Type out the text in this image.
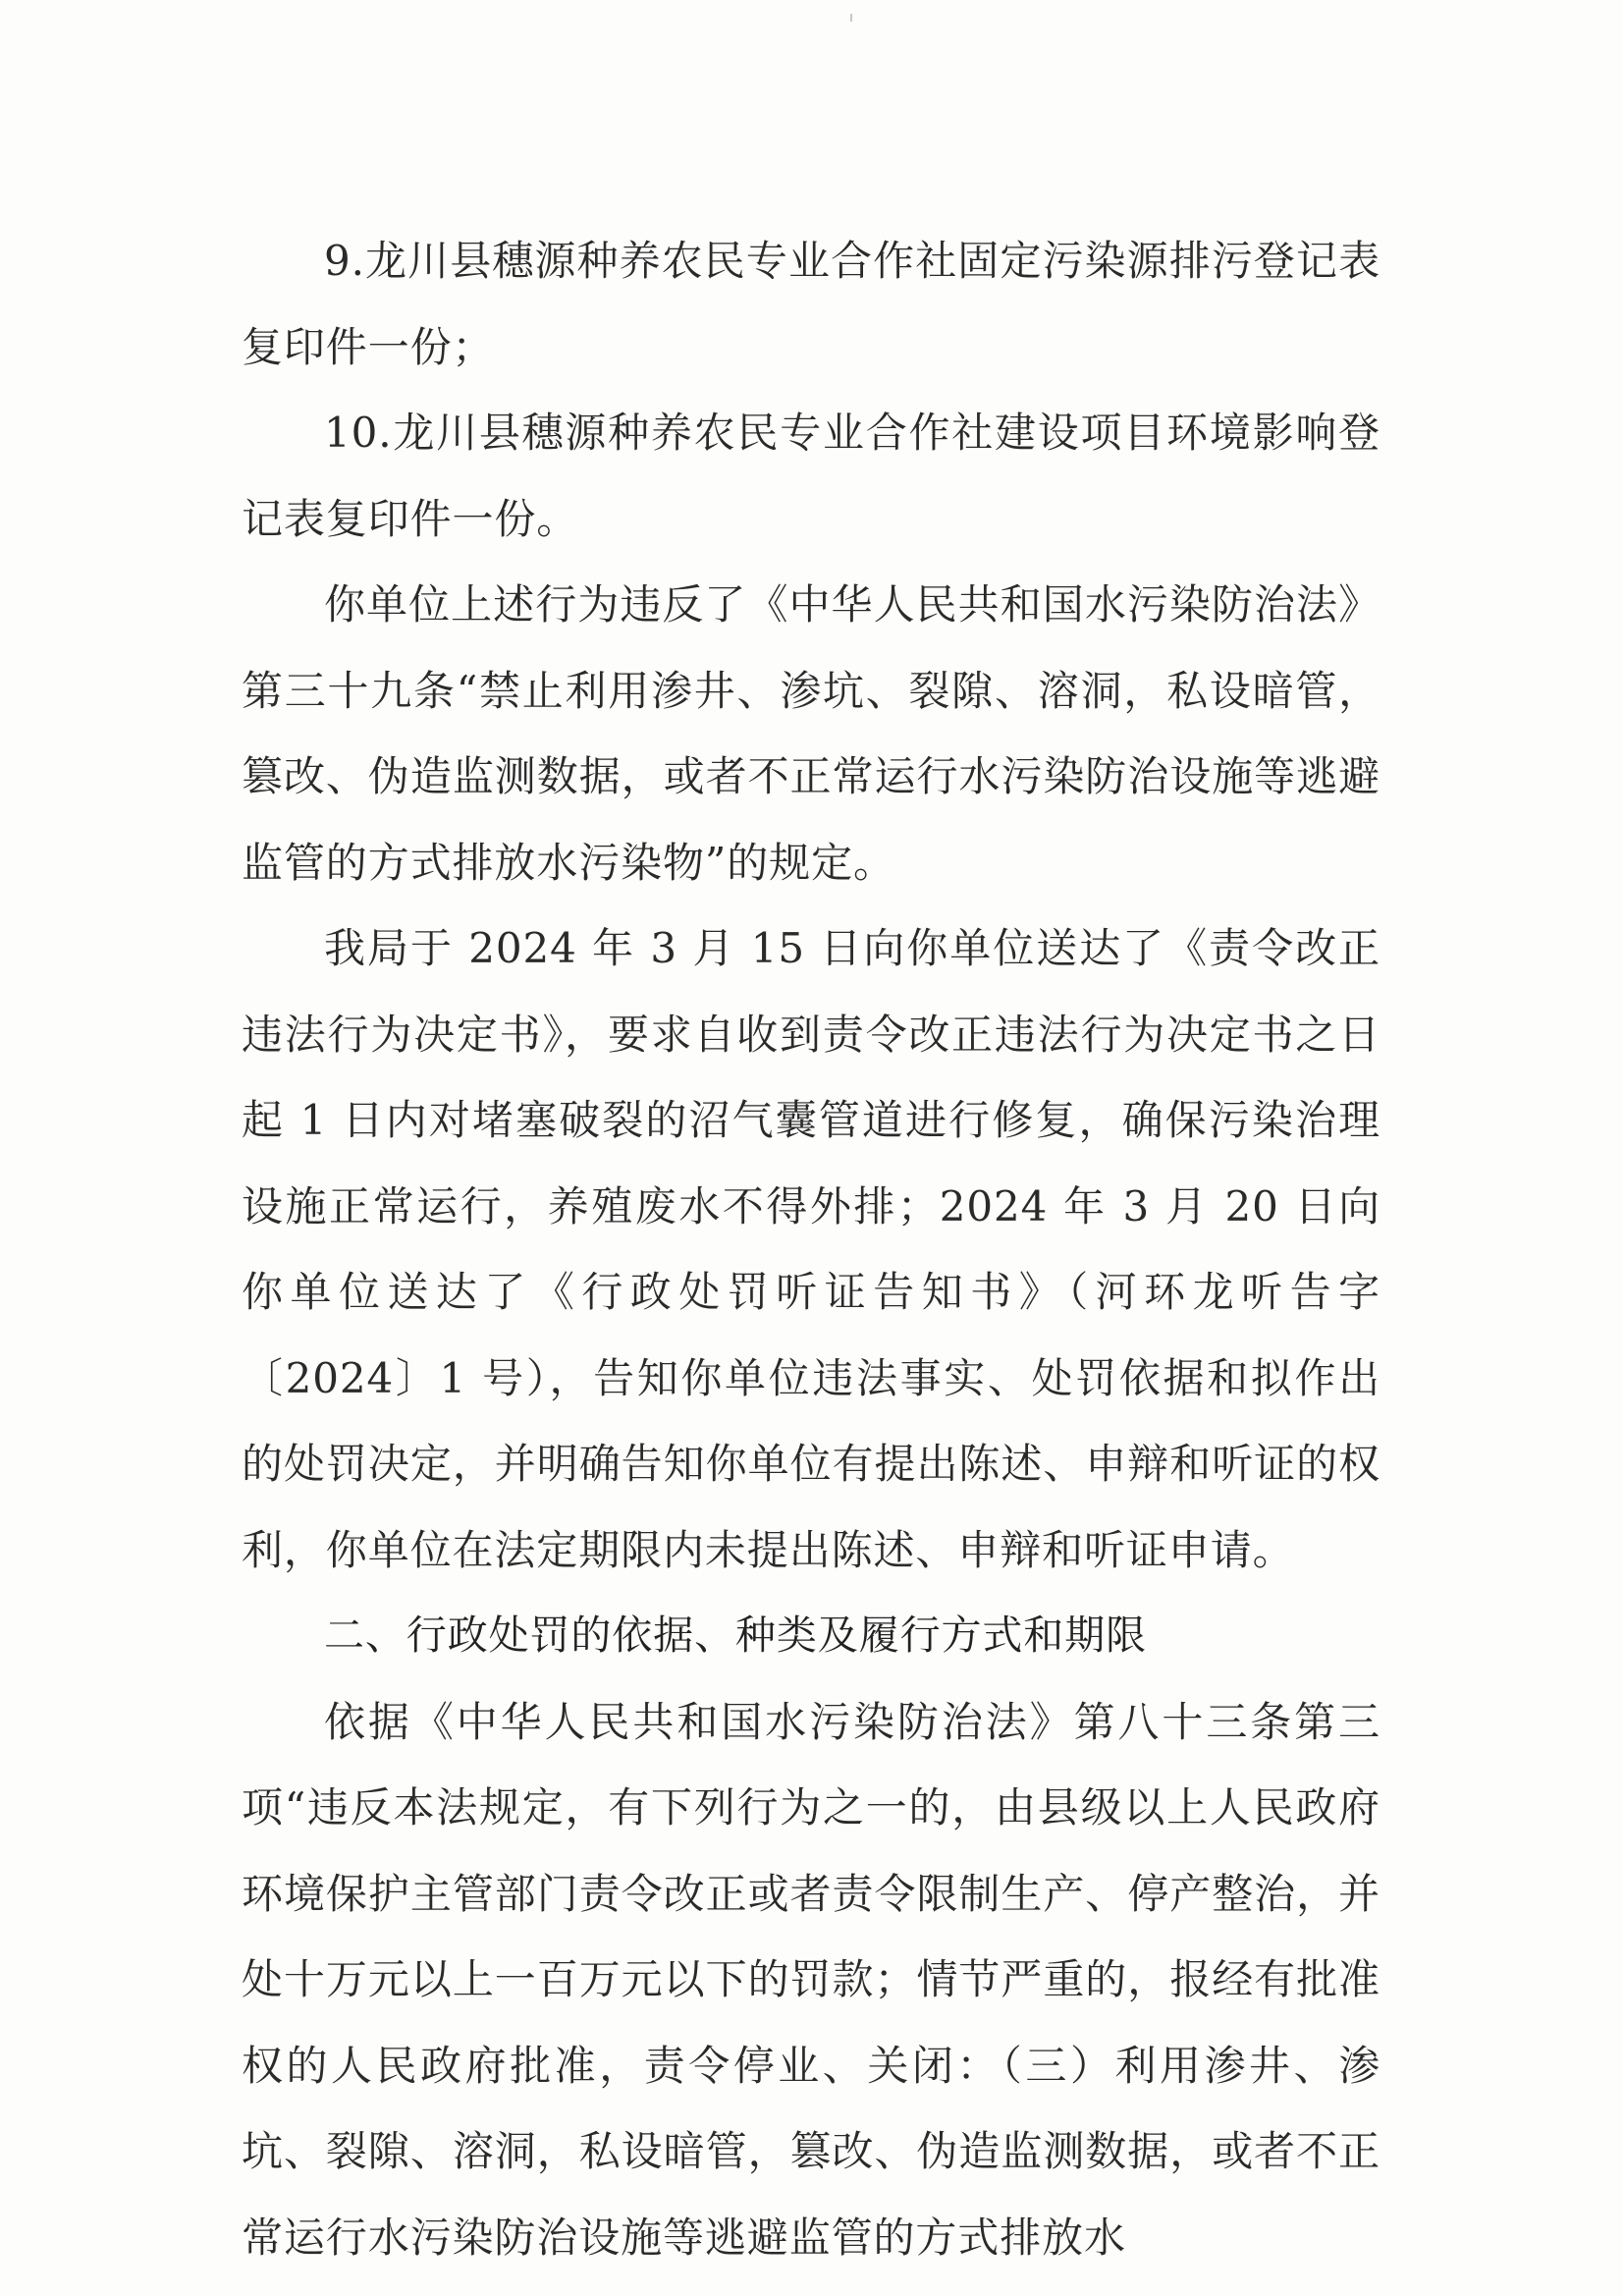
9.龙川县穗源种养农民专业合作社固定污染源排污登记表复印件一份；

10.龙川县穗源种养农民专业合作社建设项目环境影响登记表复印件一份。

你单位上述行为违反了《中华人民共和国水污染防治法》第三十九条“禁止利用渗井、渗坑、裂隙、溶洞，私设暗管，篡改、伪造监测数据，或者不正常运行水污染防治设施等逃避监管的方式排放水污染物”的规定。

我局于 2024 年 3 月 15 日向你单位送达了《责令改正违法行为决定书》，要求自收到责令改正违法行为决定书之日起 1 日内对堵塞破裂的沼气囊管道进行修复，确保污染治理设施正常运行，养殖废水不得外排；2024 年 3 月 20 日向你单位送达了《行政处罚听证告知书》（河环龙听告字〔2024〕1 号），告知你单位违法事实、处罚依据和拟作出的处罚决定，并明确告知你单位有提出陈述、申辩和听证的权利，你单位在法定期限内未提出陈述、申辩和听证申请。

二、行政处罚的依据、种类及履行方式和期限

依据《中华人民共和国水污染防治法》第八十三条第三项“违反本法规定，有下列行为之一的，由县级以上人民政府环境保护主管部门责令改正或者责令限制生产、停产整治，并处十万元以上一百万元以下的罚款；情节严重的，报经有批准权的人民政府批准，责令停业、关闭：（三）利用渗井、渗坑、裂隙、溶洞，私设暗管，篡改、伪造监测数据，或者不正常运行水污染防治设施等逃避监管的方式排放水
